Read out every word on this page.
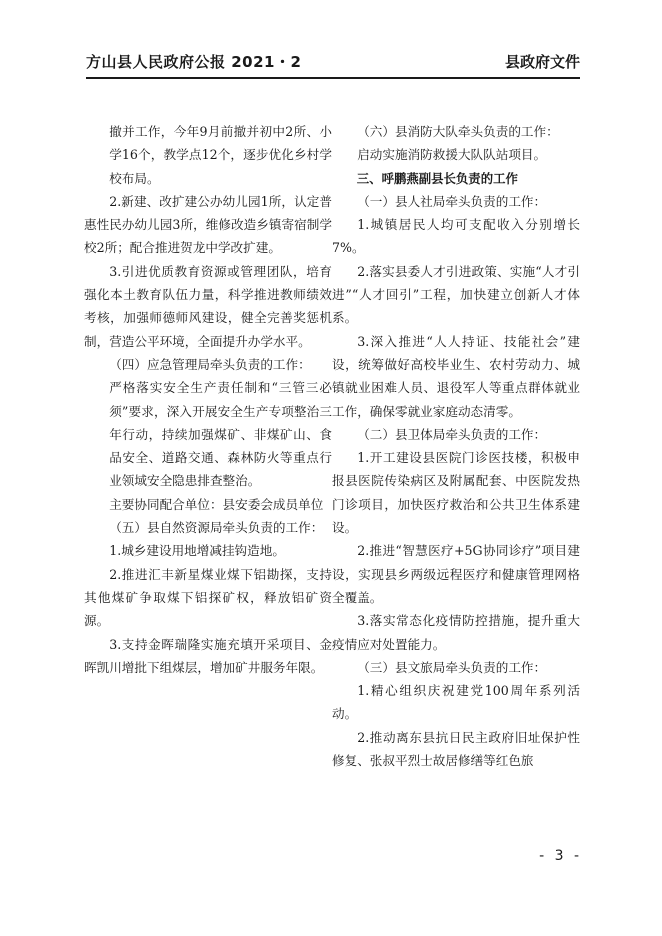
方山县人民政府公报 2021・2	县政府文件

撤并工作，今年9月前撤并初中2所、小学16个，教学点12个，逐步优化乡村学校布局。

2.新建、改扩建公办幼儿园1所，认定普惠性民办幼儿园3所，维修改造乡镇寄宿制学校2所；配合推进贺龙中学改扩建。

3.引进优质教育资源或管理团队，培育强化本土教育队伍力量，科学推进教师绩效考核，加强师德师风建设，健全完善奖惩机制，营造公平环境，全面提升办学水平。

（四）应急管理局牵头负责的工作：

严格落实安全生产责任制和“三管三必须”要求，深入开展安全生产专项整治三年行动，持续加强煤矿、非煤矿山、食品安全、道路交通、森林防火等重点行业领域安全隐患排查整治。

主要协同配合单位：县安委会成员单位

（五）县自然资源局牵头负责的工作：

1.城乡建设用地增减挂钩造地。

2.推进汇丰新星煤业煤下铝勘探，支持其他煤矿争取煤下铝探矿权，释放铝矿资源。

3.支持金晖瑞隆实施充填开采项目、金晖凯川增批下组煤层，增加矿井服务年限。

（六）县消防大队牵头负责的工作：

启动实施消防救援大队队站项目。

三、呼鹏燕副县长负责的工作

（一）县人社局牵头负责的工作：

1.城镇居民人均可支配收入分别增长7%。

2.落实县委人才引进政策、实施“人才引进”“人才回引”工程，加快建立创新人才体系。

3.深入推进“人人持证、技能社会”建设，统筹做好高校毕业生、农村劳动力、城镇就业困难人员、退役军人等重点群体就业工作，确保零就业家庭动态清零。

（二）县卫体局牵头负责的工作：

1.开工建设县医院门诊医技楼，积极申报县医院传染病区及附属配套、中医院发热门诊项目，加快医疗救治和公共卫生体系建设。

2.推进“智慧医疗+5G协同诊疗”项目建设，实现县乡两级远程医疗和健康管理网格全覆盖。

3.落实常态化疫情防控措施，提升重大疫情应对处置能力。

（三）县文旅局牵头负责的工作：

1.精心组织庆祝建党100周年系列活动。

2.推动离东县抗日民主政府旧址保护性修复、张叔平烈士故居修缮等红色旅

- 3 -
